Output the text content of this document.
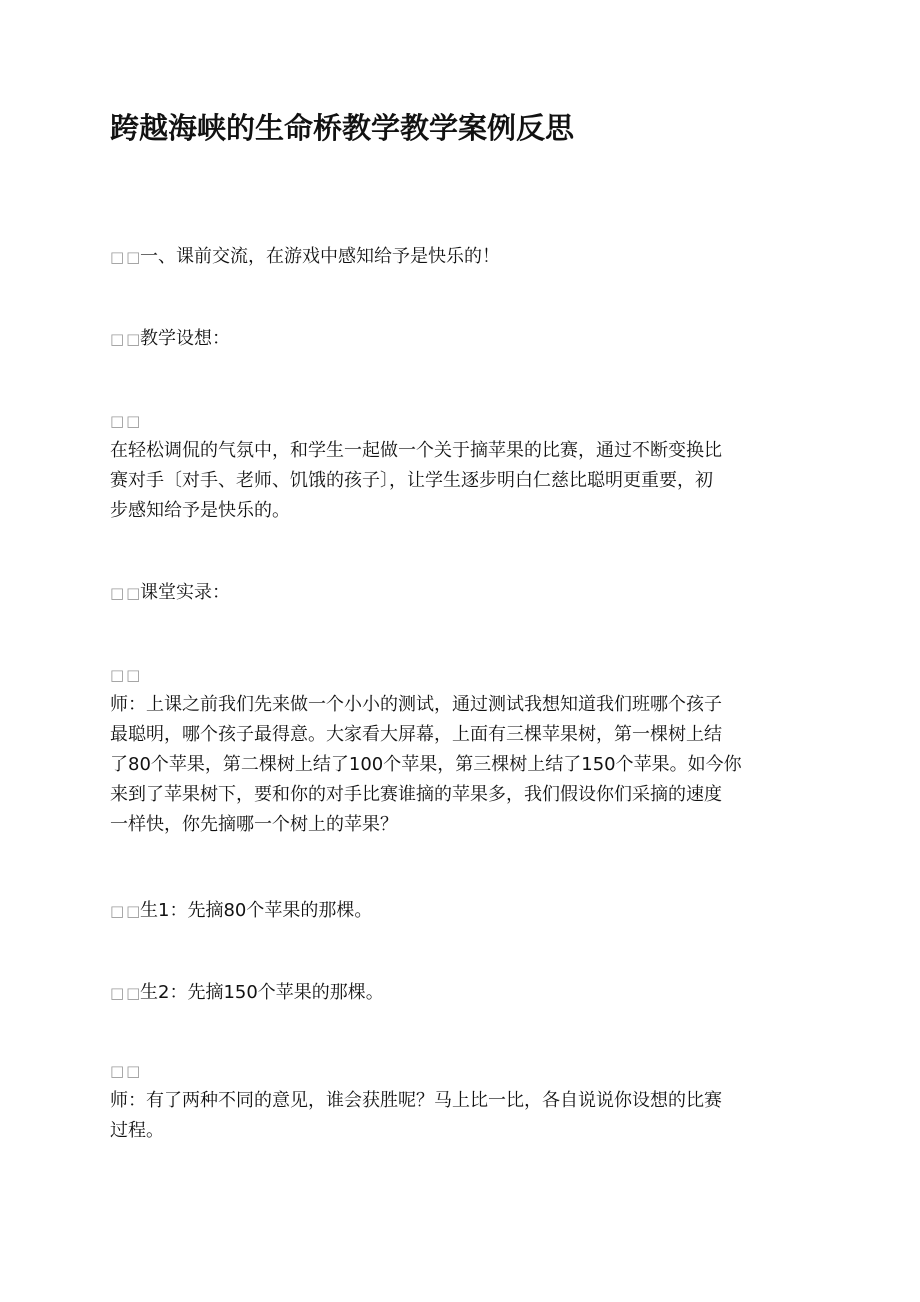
跨越海峡的生命桥教学教学案例反思
□□一、课前交流，在游戏中感知给予是快乐的！
□□教学设想：
□□
在轻松调侃的气氛中，和学生一起做一个关于摘苹果的比赛，通过不断变换比
赛对手〔对手、老师、饥饿的孩子〕，让学生逐步明白仁慈比聪明更重要，初
步感知给予是快乐的。
□□课堂实录：
□□
师：上课之前我们先来做一个小小的测试，通过测试我想知道我们班哪个孩子
最聪明，哪个孩子最得意。大家看大屏幕，上面有三棵苹果树，第一棵树上结
了80个苹果，第二棵树上结了100个苹果，第三棵树上结了150个苹果。如今你
来到了苹果树下，要和你的对手比赛谁摘的苹果多，我们假设你们采摘的速度
一样快，你先摘哪一个树上的苹果？
□□生1：先摘80个苹果的那棵。
□□生2：先摘150个苹果的那棵。
□□
师：有了两种不同的意见，谁会获胜呢？马上比一比，各自说说你设想的比赛
过程。
